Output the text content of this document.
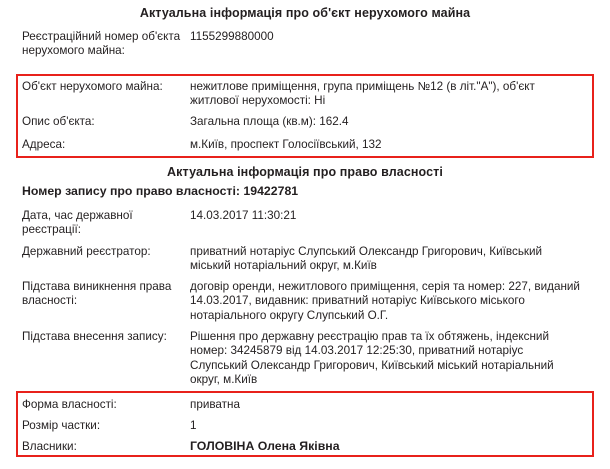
Актуальна інформація про об'єкт нерухомого майна
Реєстраційний номер об'єкта нерухомого майна:
1155299880000
Об'єкт нерухомого майна:	нежитлове приміщення, група приміщень №12 (в літ."А"), об'єкт житлової нерухомості: Ні
Опис об'єкта:	Загальна площа (кв.м): 162.4
Адреса:	м.Київ, проспект Голосіївський, 132
Актуальна інформація про право власності
Номер запису про право власності: 19422781
Дата, час державної реєстрації:
14.03.2017 11:30:21
Державний реєстратор:	приватний нотаріус Слупський Олександр Григорович, Київський міський нотаріальний округ, м.Київ
Підстава виникнення права власності:
договір оренди, нежитлового приміщення, серія та номер: 227, виданий 14.03.2017, видавник: приватний нотаріус Київського міського нотаріального округу Слупський О.Г.
Підстава внесення запису:	Рішення про державну реєстрацію прав та їх обтяжень, індексний номер: 34245879 від 14.03.2017 12:25:30, приватний нотаріус Слупський Олександр Григорович, Київський міський нотаріальний округ, м.Київ
Форма власності:	приватна
Розмір частки:	1
Власники:	ГОЛОВІНА Олена Яківна
